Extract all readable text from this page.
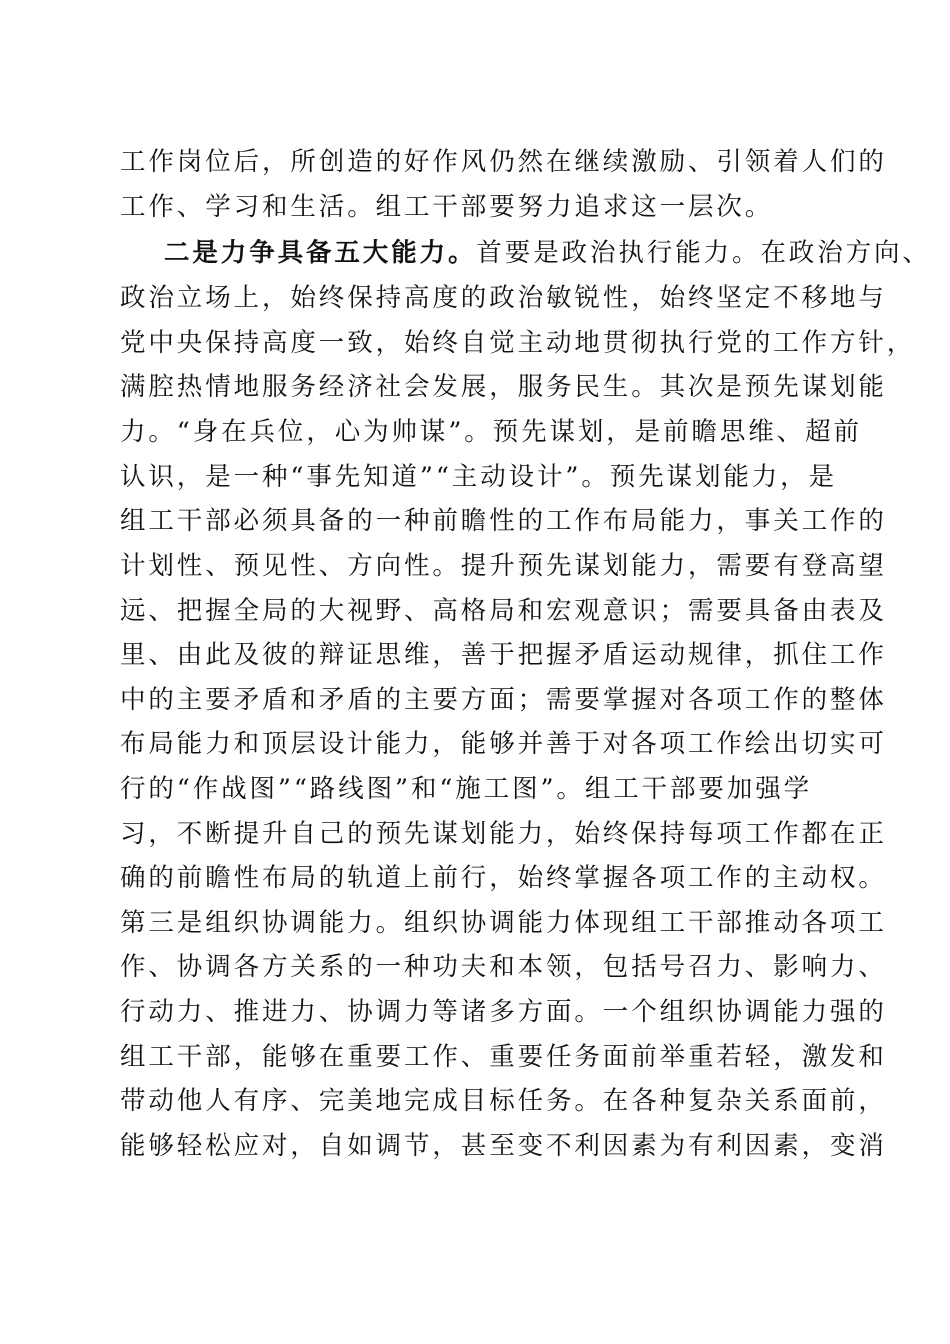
工作岗位后，所创造的好作风仍然在继续激励、引领着人们的
工作、学习和生活。组工干部要努力追求这一层次。
二是力争具备五大能力。首要是政治执行能力。在政治方向、
政治立场上，始终保持高度的政治敏锐性，始终坚定不移地与
党中央保持高度一致，始终自觉主动地贯彻执行党的工作方针，
满腔热情地服务经济社会发展，服务民生。其次是预先谋划能
力。“身在兵位，心为帅谋”。预先谋划，是前瞻思维、超前
认识，是一种“事先知道”“主动设计”。预先谋划能力，是
组工干部必须具备的一种前瞻性的工作布局能力，事关工作的
计划性、预见性、方向性。提升预先谋划能力，需要有登高望
远、把握全局的大视野、高格局和宏观意识；需要具备由表及
里、由此及彼的辩证思维，善于把握矛盾运动规律，抓住工作
中的主要矛盾和矛盾的主要方面；需要掌握对各项工作的整体
布局能力和顶层设计能力，能够并善于对各项工作绘出切实可
行的“作战图”“路线图”和“施工图”。组工干部要加强学
习，不断提升自己的预先谋划能力，始终保持每项工作都在正
确的前瞻性布局的轨道上前行，始终掌握各项工作的主动权。
第三是组织协调能力。组织协调能力体现组工干部推动各项工
作、协调各方关系的一种功夫和本领，包括号召力、影响力、
行动力、推进力、协调力等诸多方面。一个组织协调能力强的
组工干部，能够在重要工作、重要任务面前举重若轻，激发和
带动他人有序、完美地完成目标任务。在各种复杂关系面前，
能够轻松应对，自如调节，甚至变不利因素为有利因素，变消
